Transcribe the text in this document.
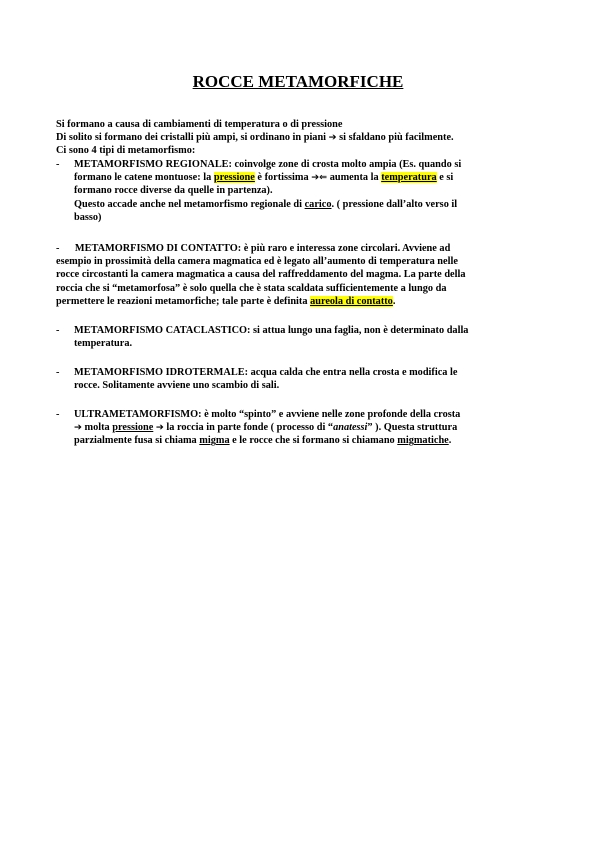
ROCCE METAMORFICHE
Si formano a causa di cambiamenti di temperatura o di pressione
Di solito si formano dei cristalli più ampi, si ordinano in piani ➔ si sfaldano più facilmente.
Ci sono 4 tipi di metamorfismo:
- METAMORFISMO REGIONALE: coinvolge zone di crosta molto ampia (Es. quando si
formano le catene montuose: la pressione è fortissima ➔⇐ aumenta la temperatura e si
formano rocce diverse da quelle in partenza).
Questo accade anche nel metamorfismo regionale di carico. ( pressione dall’alto verso il
basso)
-      METAMORFISMO DI CONTATTO: è più raro e interessa zone circolari. Avviene ad
esempio in prossimità della camera magmatica ed è legato all’aumento di temperatura nelle
rocce circostanti la camera magmatica a causa del raffreddamento del magma. La parte della
roccia che si “metamorfosa” è solo quella che è stata scaldata sufficientemente a lungo da
permettere le reazioni metamorfiche; tale parte è definita aureola di contatto.
- METAMORFISMO CATACLASTICO: si attua lungo una faglia, non è determinato dalla
temperatura.
- METAMORFISMO IDROTERMALE: acqua calda che entra nella crosta e modifica le
rocce. Solitamente avviene uno scambio di sali.
- ULTRAMETAMORFISMO: è molto “spinto” e avviene nelle zone profonde della crosta
➔ molta pressione ➔ la roccia in parte fonde ( processo di “anatessi” ). Questa struttura
parzialmente fusa si chiama migma e le rocce che si formano si chiamano migmatiche.
